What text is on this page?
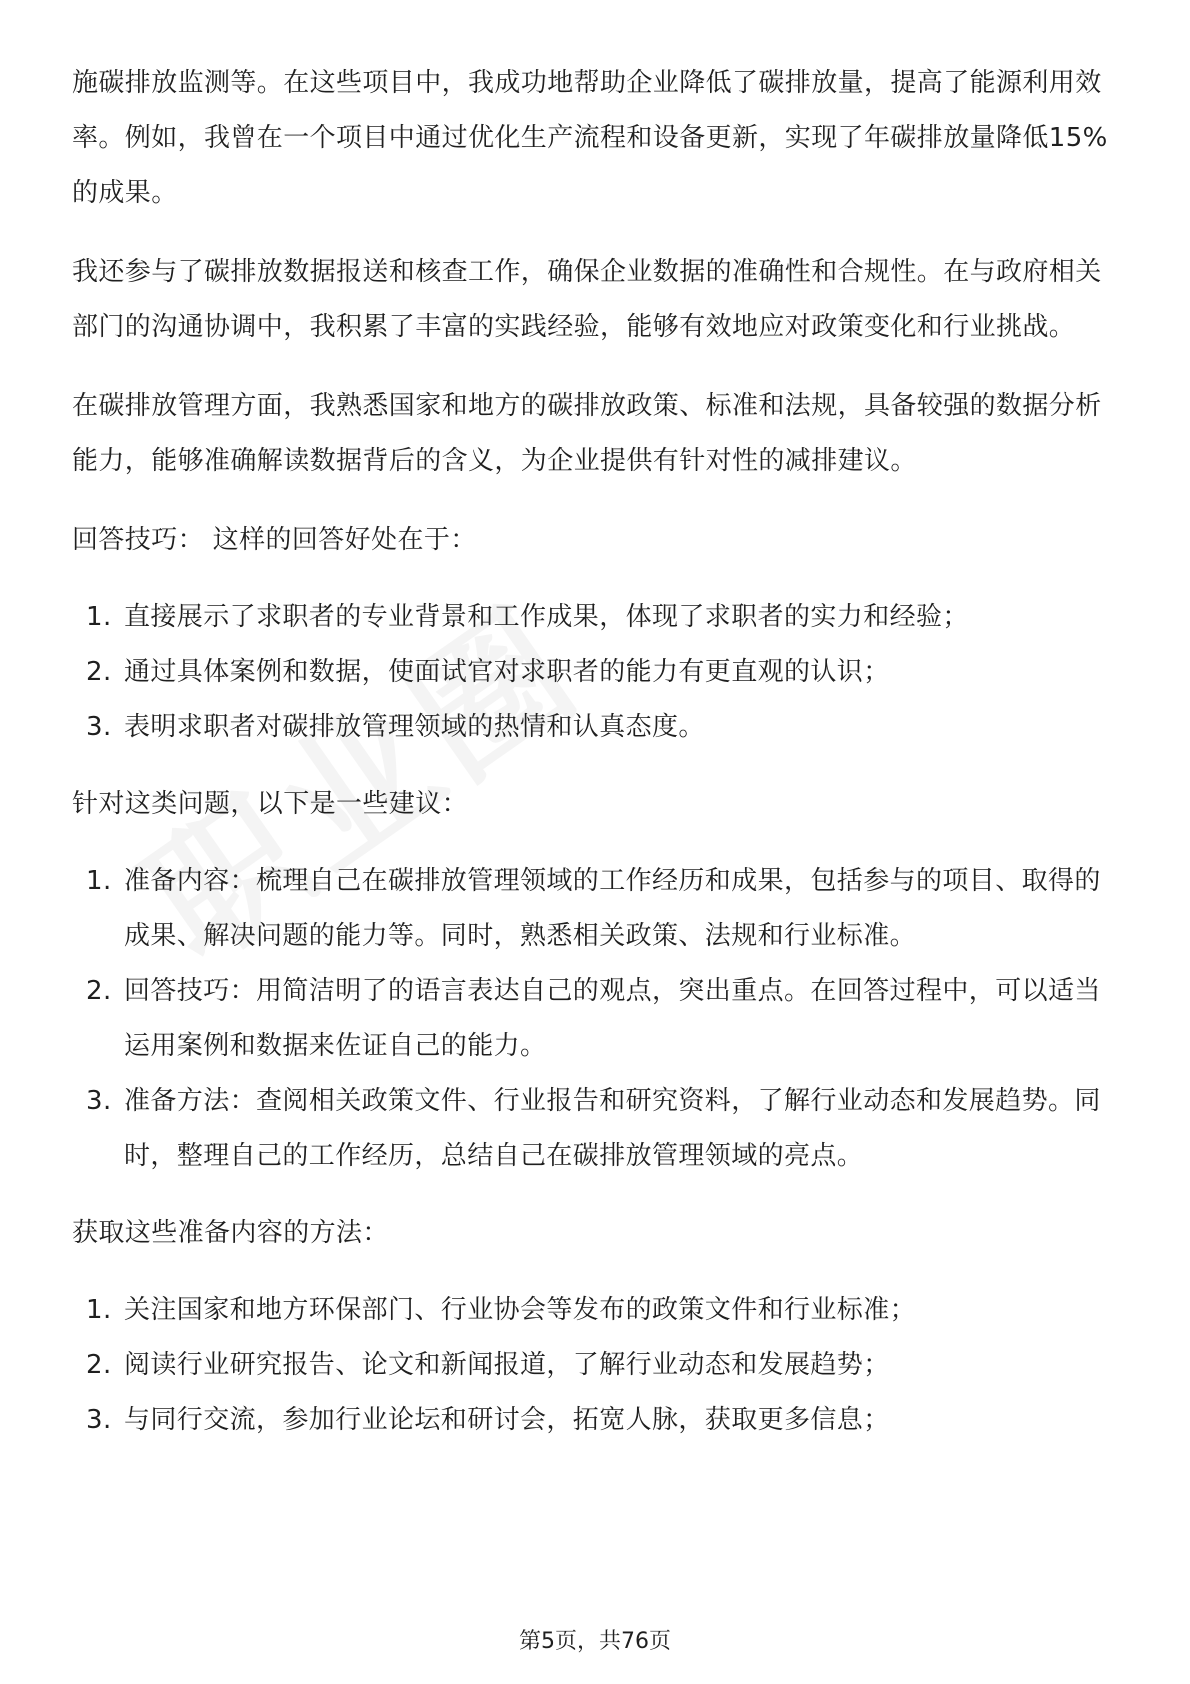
施碳排放监测等。在这些项目中，我成功地帮助企业降低了碳排放量，提高了能源利用效率。例如，我曾在一个项目中通过优化生产流程和设备更新，实现了年碳排放量降低15%的成果。

我还参与了碳排放数据报送和核查工作，确保企业数据的准确性和合规性。在与政府相关部门的沟通协调中，我积累了丰富的实践经验，能够有效地应对政策变化和行业挑战。

在碳排放管理方面，我熟悉国家和地方的碳排放政策、标准和法规，具备较强的数据分析能力，能够准确解读数据背后的含义，为企业提供有针对性的减排建议。

回答技巧： 这样的回答好处在于：

1. 直接展示了求职者的专业背景和工作成果，体现了求职者的实力和经验；
2. 通过具体案例和数据，使面试官对求职者的能力有更直观的认识；
3. 表明求职者对碳排放管理领域的热情和认真态度。

针对这类问题，以下是一些建议：

1. 准备内容：梳理自己在碳排放管理领域的工作经历和成果，包括参与的项目、取得的成果、解决问题的能力等。同时，熟悉相关政策、法规和行业标准。
2. 回答技巧：用简洁明了的语言表达自己的观点，突出重点。在回答过程中，可以适当运用案例和数据来佐证自己的能力。
3. 准备方法：查阅相关政策文件、行业报告和研究资料，了解行业动态和发展趋势。同时，整理自己的工作经历，总结自己在碳排放管理领域的亮点。

获取这些准备内容的方法：

1. 关注国家和地方环保部门、行业协会等发布的政策文件和行业标准；
2. 阅读行业研究报告、论文和新闻报道，了解行业动态和发展趋势；
3. 与同行交流，参加行业论坛和研讨会，拓宽人脉，获取更多信息；
第5页，共76页
